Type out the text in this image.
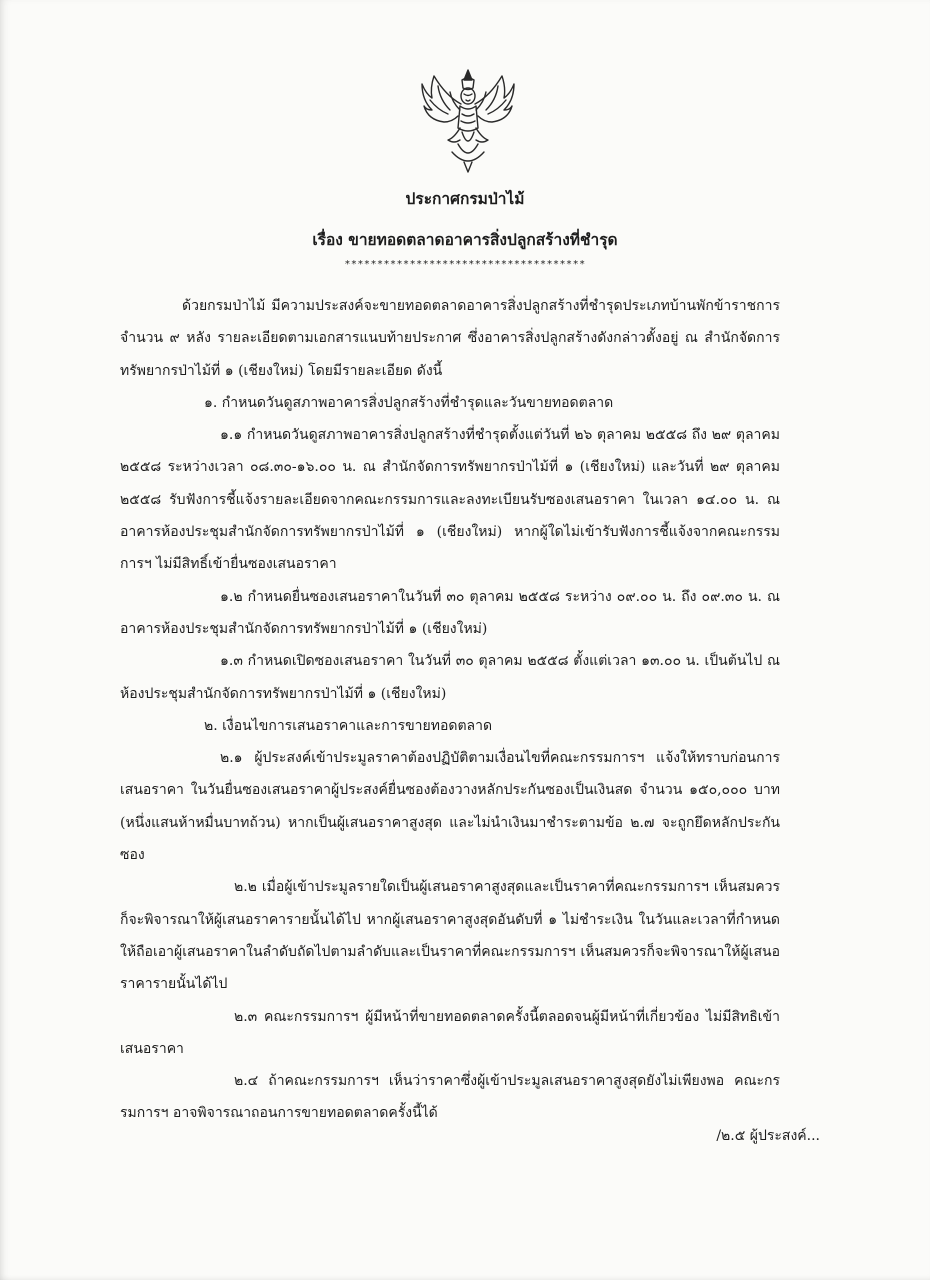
ประกาศกรมป่าไม้
เรื่อง ขายทอดตลาดอาคารสิ่งปลูกสร้างที่ชำรุด
*************************************

ด้วยกรมป่าไม้ มีความประสงค์จะขายทอดตลาดอาคารสิ่งปลูกสร้างที่ชำรุดประเภทบ้านพักข้าราชการ จำนวน ๙ หลัง รายละเอียดตามเอกสารแนบท้ายประกาศ ซึ่งอาคารสิ่งปลูกสร้างดังกล่าวตั้งอยู่ ณ สำนักจัดการทรัพยากรป่าไม้ที่ ๑ (เชียงใหม่) โดยมีรายละเอียด ดังนี้

๑. กำหนดวันดูสภาพอาคารสิ่งปลูกสร้างที่ชำรุดและวันขายทอดตลาด

๑.๑ กำหนดวันดูสภาพอาคารสิ่งปลูกสร้างที่ชำรุดตั้งแต่วันที่ ๒๖ ตุลาคม ๒๕๕๘ ถึง ๒๙ ตุลาคม ๒๕๕๘ ระหว่างเวลา ๐๘.๓๐-๑๖.๐๐ น. ณ สำนักจัดการทรัพยากรป่าไม้ที่ ๑ (เชียงใหม่) และวันที่ ๒๙ ตุลาคม ๒๕๕๘ รับฟังการชี้แจ้งรายละเอียดจากคณะกรรมการและลงทะเบียนรับซองเสนอราคา ในเวลา ๑๔.๐๐ น. ณ อาคารห้องประชุมสำนักจัดการทรัพยากรป่าไม้ที่ ๑ (เชียงใหม่) หากผู้ใดไม่เข้ารับฟังการชี้แจ้งจากคณะกรรมการฯ ไม่มีสิทธิ์เข้ายื่นซองเสนอราคา

๑.๒ กำหนดยื่นซองเสนอราคาในวันที่ ๓๐ ตุลาคม ๒๕๕๘ ระหว่าง ๐๙.๐๐ น. ถึง ๐๙.๓๐ น. ณ อาคารห้องประชุมสำนักจัดการทรัพยากรป่าไม้ที่ ๑ (เชียงใหม่)

๑.๓ กำหนดเปิดซองเสนอราคา ในวันที่ ๓๐ ตุลาคม ๒๕๕๘ ตั้งแต่เวลา ๑๓.๐๐ น. เป็นต้นไป ณ ห้องประชุมสำนักจัดการทรัพยากรป่าไม้ที่ ๑ (เชียงใหม่)

๒. เงื่อนไขการเสนอราคาและการขายทอดตลาด

๒.๑ ผู้ประสงค์เข้าประมูลราคาต้องปฏิบัติตามเงื่อนไขที่คณะกรรมการฯ แจ้งให้ทราบก่อนการเสนอราคา ในวันยื่นซองเสนอราคาผู้ประสงค์ยื่นซองต้องวางหลักประกันซองเป็นเงินสด จำนวน ๑๕๐,๐๐๐ บาท (หนึ่งแสนห้าหมื่นบาทถ้วน) หากเป็นผู้เสนอราคาสูงสุด และไม่นำเงินมาชำระตามข้อ ๒.๗ จะถูกยึดหลักประกันซอง

๒.๒ เมื่อผู้เข้าประมูลรายใดเป็นผู้เสนอราคาสูงสุดและเป็นราคาที่คณะกรรมการฯ เห็นสมควรก็จะพิจารณาให้ผู้เสนอราคารายนั้นได้ไป หากผู้เสนอราคาสูงสุดอันดับที่ ๑ ไม่ชำระเงิน ในวันและเวลาที่กำหนดให้ถือเอาผู้เสนอราคาในลำดับถัดไปตามลำดับและเป็นราคาที่คณะกรรมการฯ เห็นสมควรก็จะพิจารณาให้ผู้เสนอราคารายนั้นได้ไป

๒.๓ คณะกรรมการฯ ผู้มีหน้าที่ขายทอดตลาดครั้งนี้ตลอดจนผู้มีหน้าที่เกี่ยวข้อง ไม่มีสิทธิเข้าเสนอราคา

๒.๔ ถ้าคณะกรรมการฯ เห็นว่าราคาซึ่งผู้เข้าประมูลเสนอราคาสูงสุดยังไม่เพียงพอ คณะกรรมการฯ อาจพิจารณาถอนการขายทอดตลาดครั้งนี้ได้

/๒.๕ ผู้ประสงค์...
